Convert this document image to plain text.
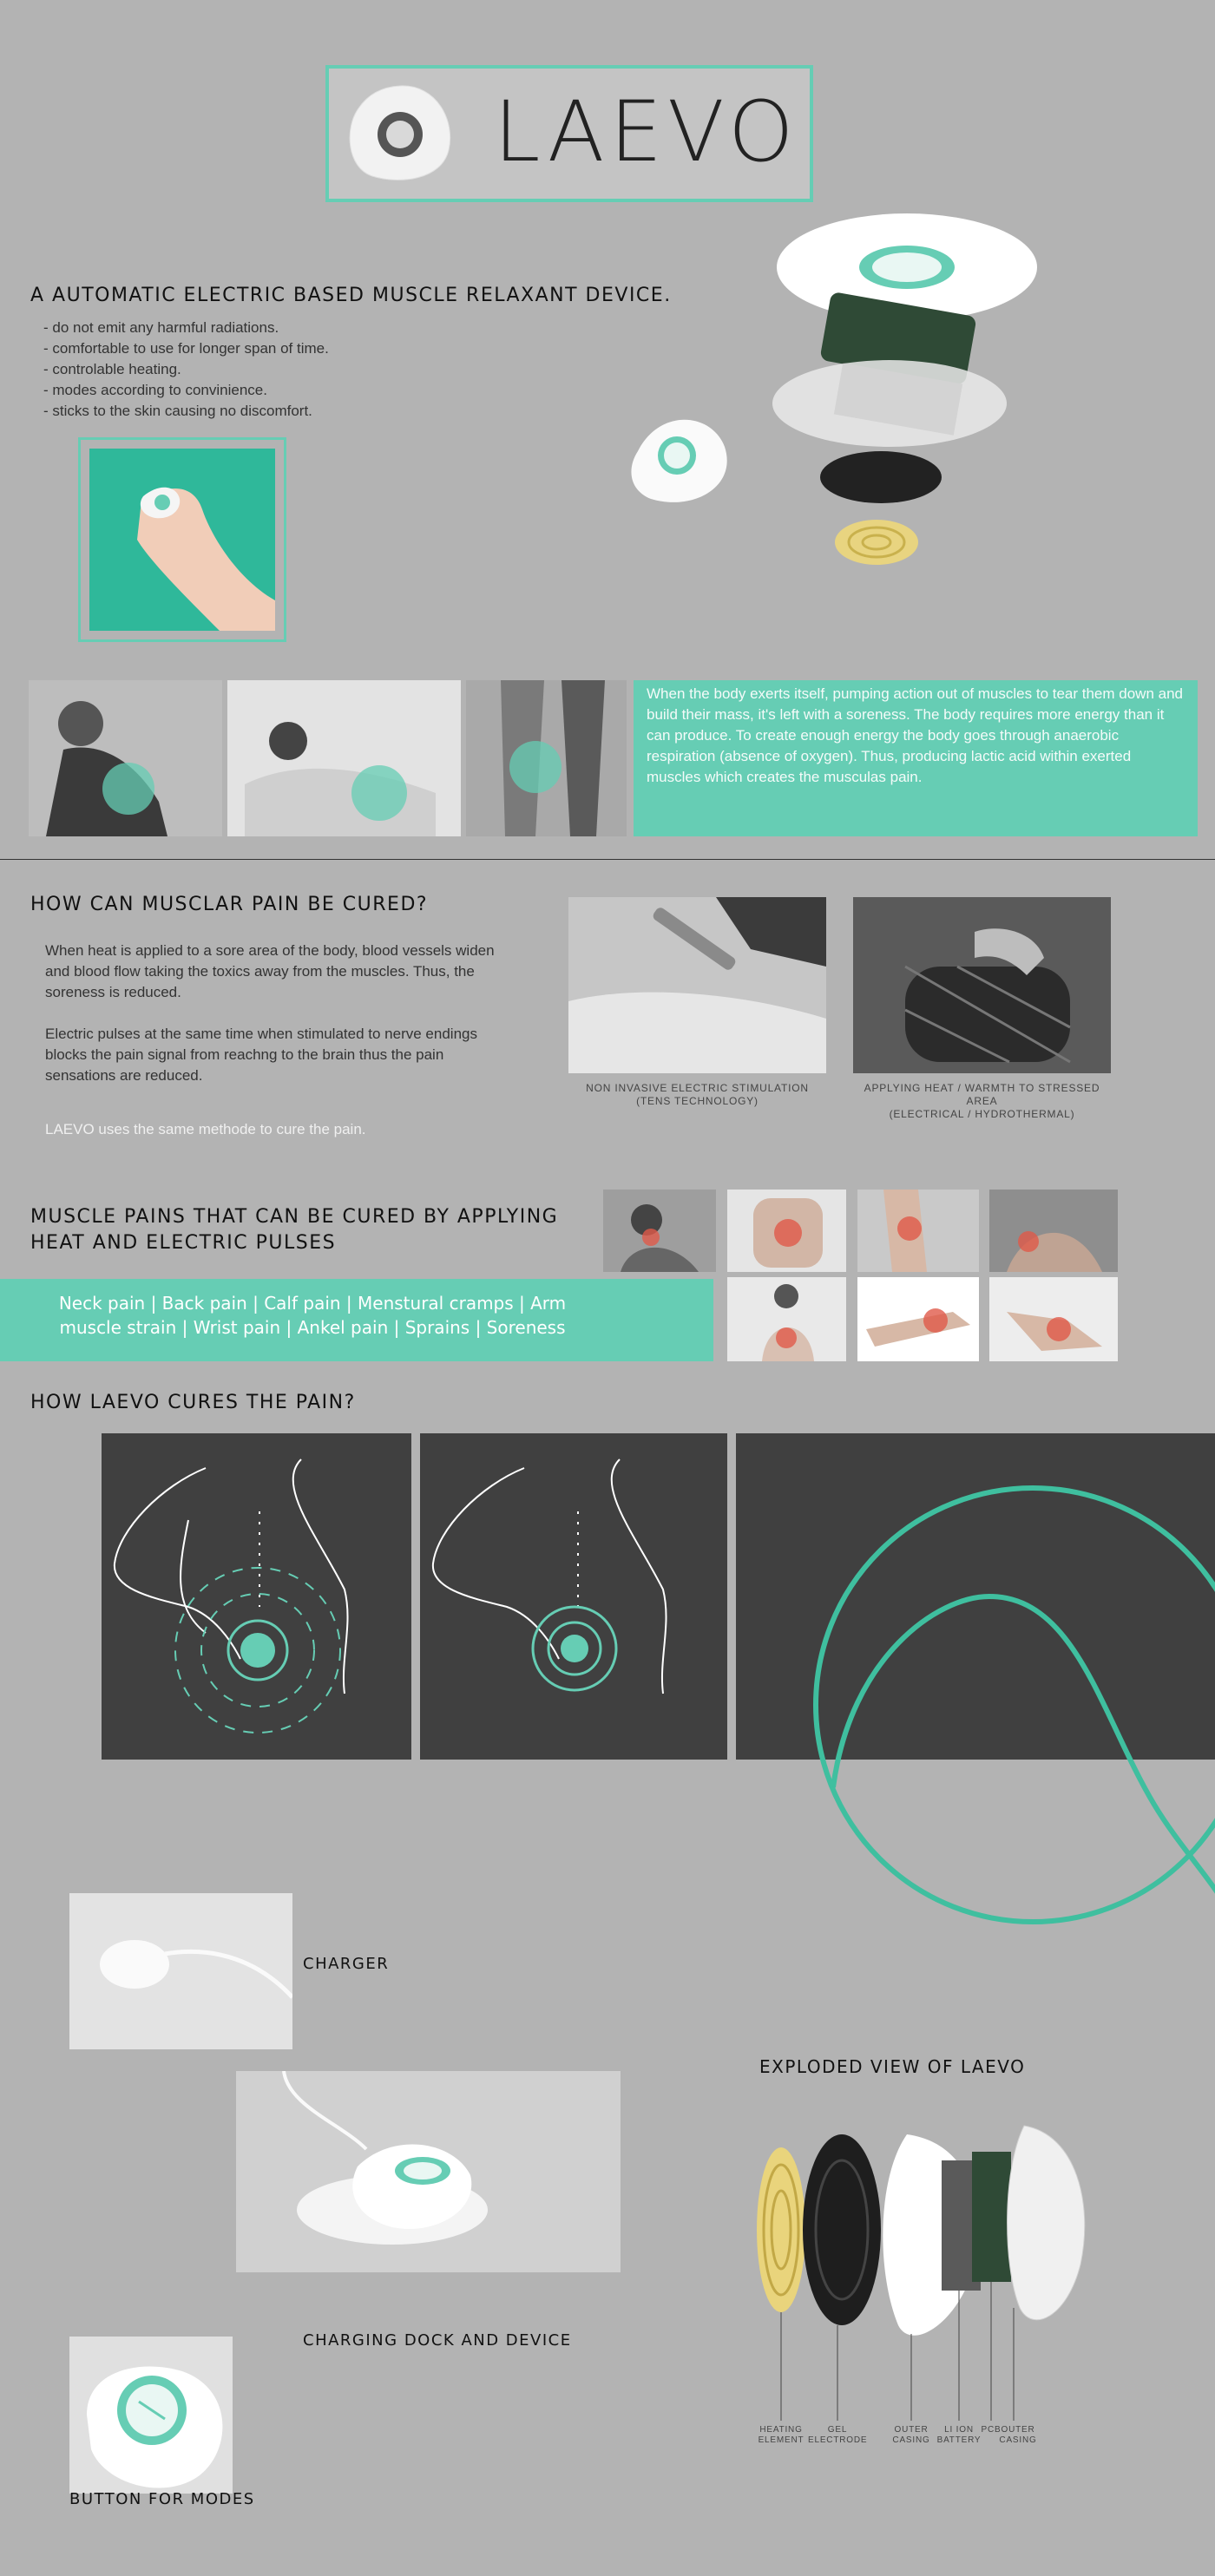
LAEVO
A AUTOMATIC ELECTRIC BASED MUSCLE RELAXANT DEVICE.
- do not emit any harmful radiations.
- comfortable to use for longer span of time.
- controlable heating.
- modes according to convinience.
- sticks to the skin causing no discomfort.
When the body exerts itself, pumping action out of muscles to tear them down and build their mass, it's left with a soreness. The body requires more energy than it can produce. To create enough energy the body goes through anaerobic respiration (absence of oxygen). Thus, producing lactic acid within exerted muscles which creates the musculas pain.
HOW CAN MUSCLAR PAIN BE CURED?
When heat is applied to a sore area of the body, blood vessels widen and blood flow taking the toxics away from the muscles. Thus, the soreness is reduced.
Electric pulses at the same time when stimulated to nerve endings blocks the pain signal from reachng to the brain thus the pain sensations are reduced.
LAEVO uses the same methode to cure the pain.
NON INVASIVE ELECTRIC STIMULATION
(TENS TECHNOLOGY)
APPLYING HEAT / WARMTH TO STRESSED AREA
(ELECTRICAL / HYDROTHERMAL)
MUSCLE PAINS THAT CAN BE CURED BY APPLYING
HEAT AND ELECTRIC PULSES
Neck pain | Back pain | Calf pain | Menstural cramps | Arm
muscle strain | Wrist pain | Ankel pain | Sprains | Soreness
HOW LAEVO CURES THE PAIN?
CHARGER
CHARGING DOCK AND DEVICE
BUTTON FOR MODES
EXPLODED VIEW OF LAEVO
HEATING
ELEMENT
GEL
ELECTRODE
OUTER
CASING
LI ION
BATTERY
PCB OUTER
CASING
